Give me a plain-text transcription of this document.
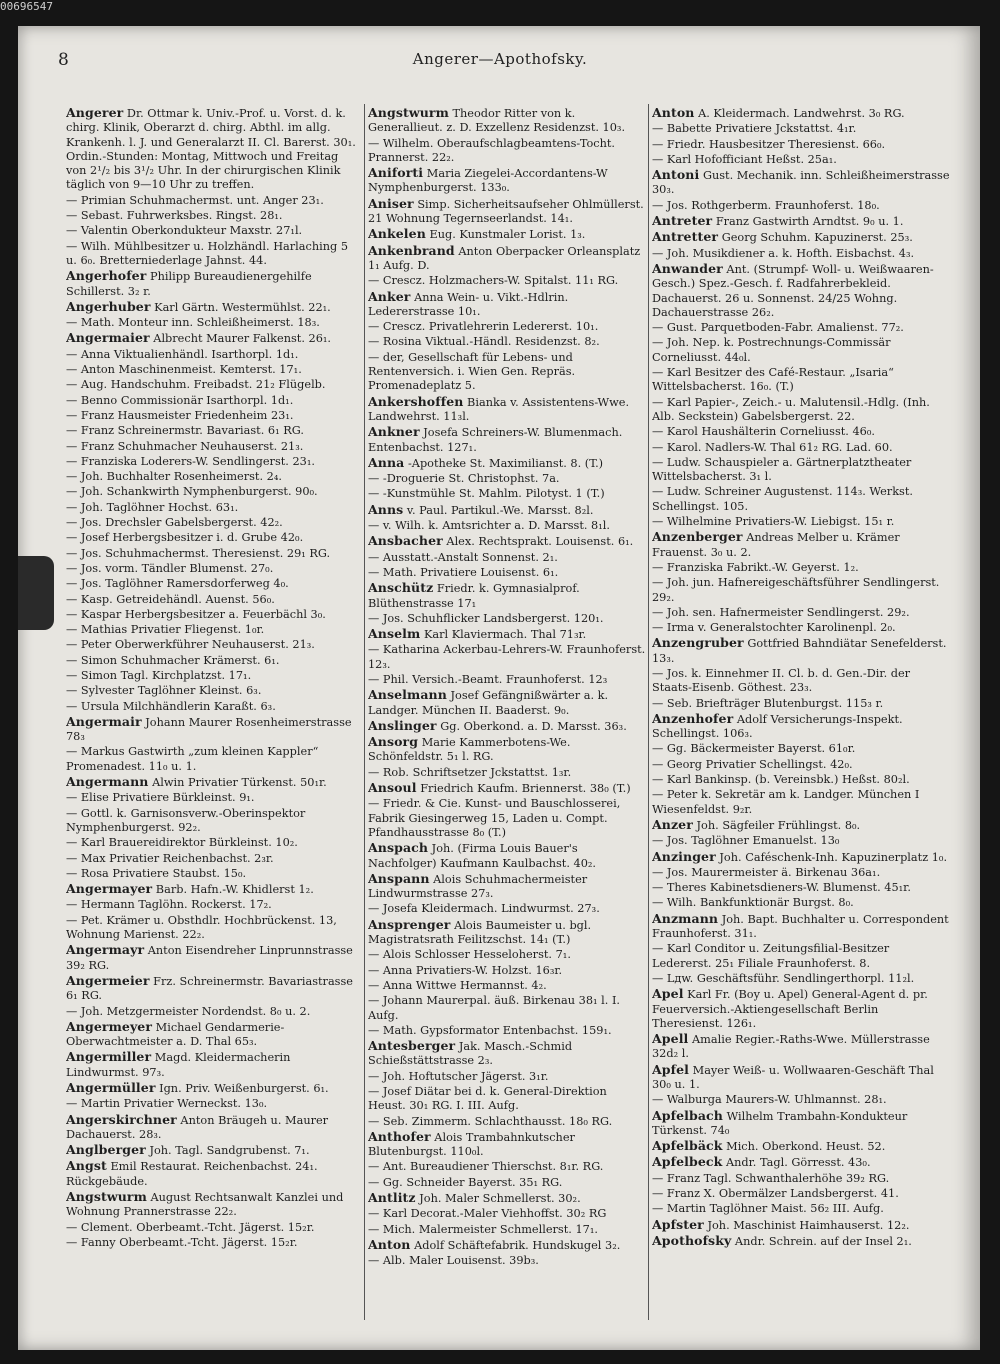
00696547
8	Angerer—Apothofsky.
Angerer Dr. Ottmar k. Univ.-Prof. u. Vorst. d. k. chirg. Klinik, Oberarzt d. chirg. Abthl. im allg. Krankenh. l. J. und Generalarzt II. Cl. Barerst. 30₁. Ordin.-Stunden: Montag, Mittwoch und Freitag von 2¹/₂ bis 3¹/₂ Uhr. In der chirurgischen Klinik täglich von 9—10 Uhr zu treffen.
— Primian Schuhmachermst. unt. Anger 23₁.
— Sebast. Fuhrwerksbes. Ringst. 28₁.
— Valentin Oberkondukteur Maxstr. 27₁l.
— Wilh. Mühlbesitzer u. Holzhändl. Harlaching 5 u. 6₀. Bretterniederlage Jahnst. 44.
Angerhofer Philipp Bureaudienergehilfe Schillerst. 3₂ r.
Angerhuber Karl Gärtn. Westermühlst. 22₁.
— Math. Monteur inn. Schleißheimerst. 18₃.
Angermaier Albrecht Maurer Falkenst. 26₁.
— Anna Viktualienhändl. Isarthorpl. 1d₁.
— Anton Maschinenmeist. Kemterst. 17₁.
— Aug. Handschuhm. Freibadst. 21₂ Flügelb.
— Benno Commissionär Isarthorpl. 1d₁.
— Franz Hausmeister Friedenheim 23₁.
— Franz Schreinermstr. Bavariast. 6₁ RG.
— Franz Schuhmacher Neuhauserst. 21₃.
— Franziska Loderers-W. Sendlingerst. 23₁.
— Joh. Buchhalter Rosenheimerst. 2₄.
— Joh. Schankwirth Nymphenburgerst. 90₀.
— Joh. Taglöhner Hochst. 63₁.
— Jos. Drechsler Gabelsbergerst. 42₂.
— Josef Herbergsbesitzer i. d. Grube 42₀.
— Jos. Schuhmachermst. Theresienst. 29₁ RG.
— Jos. vorm. Tändler Blumenst. 27₀.
— Jos. Taglöhner Ramersdorferweg 4₀.
— Kasp. Getreidehändl. Auenst. 56₀.
— Kaspar Herbergsbesitzer a. Feuerbächl 3₀.
— Mathias Privatier Fliegenst. 1₀r.
— Peter Oberwerkführer Neuhauserst. 21₃.
— Simon Schuhmacher Krämerst. 6₁.
— Simon Tagl. Kirchplatzst. 17₁.
— Sylvester Taglöhner Kleinst. 6₃.
— Ursula Milchhändlerin Karaßt. 6₃.
Angermair Johann Maurer Rosenheimerstrasse 78₃
— Markus Gastwirth „zum kleinen Kappler“ Promenadest. 11₀ u. 1.
Angermann Alwin Privatier Türkenst. 50₁r.
— Elise Privatiere Bürkleinst. 9₁.
— Gottl. k. Garnisonsverw.-Oberinspektor Nymphenburgerst. 92₂.
— Karl Brauereidirektor Bürkleinst. 10₂.
— Max Privatier Reichenbachst. 2₃r.
— Rosa Privatiere Staubst. 15₀.
Angermayer Barb. Hafn.-W. Khidlerst 1₂.
— Hermann Taglöhn. Rockerst. 17₂.
— Pet. Krämer u. Obsthdlr. Hochbrückenst. 13, Wohnung Marienst. 22₂.
Angermayr Anton Eisendreher Linprunnstrasse 39₂ RG.
Angermeier Frz. Schreinermstr. Bavariastrasse 6₁ RG.
— Joh. Metzgermeister Nordendst. 8₀ u. 2.
Angermeyer Michael Gendarmerie-Oberwachtmeister a. D. Thal 65₃.
Angermiller Magd. Kleidermacherin Lindwurmst. 97₃.
Angermüller Ign. Priv. Weißenburgerst. 6₁.
— Martin Privatier Werneckst. 13₀.
Angerskirchner Anton Bräugeh u. Maurer Dachauerst. 28₃.
Anglberger Joh. Tagl. Sandgrubenst. 7₁.
Angst Emil Restaurat. Reichenbachst. 24₁. Rückgebäude.
Angstwurm August Rechtsanwalt Kanzlei und Wohnung Prannerstrasse 22₂.
— Clement. Oberbeamt.-Tcht. Jägerst. 15₂r.
— Fanny Oberbeamt.-Tcht. Jägerst. 15₂r.
Angstwurm Theodor Ritter von k. Generallieut. z. D. Exzellenz Residenzst. 10₃.
— Wilhelm. Oberaufschlagbeamtens-Tocht. Prannerst. 22₂.
Aniforti Maria Ziegelei-Accordantens-W Nymphenburgerst. 133₀.
Aniser Simp. Sicherheitsaufseher Ohlmüllerst. 21 Wohnung Tegernseerlandst. 14₁.
Ankelen Eug. Kunstmaler Lorist. 1₃.
Ankenbrand Anton Oberpacker Orleansplatz 1₁ Aufg. D.
— Crescz. Holzmachers-W. Spitalst. 11₁ RG.
Anker Anna Wein- u. Vikt.-Hdlrin. Ledererstrasse 10₁.
— Crescz. Privatlehrerin Ledererst. 10₁.
— Rosina Viktual.-Händl. Residenzst. 8₂.
— der, Gesellschaft für Lebens- und Rentenversich. i. Wien Gen. Repräs. Promenadeplatz 5.
Ankershoffen Bianka v. Assistentens-Wwe. Landwehrst. 11₃l.
Ankner Josefa Schreiners-W. Blumenmach. Entenbachst. 127₁.
Anna -Apotheke St. Maximilianst. 8. (T.)
— -Droguerie St. Christophst. 7a.
— -Kunstmühle St. Mahlm. Pilotyst. 1 (T.)
Anns v. Paul. Partikul.-We. Marsst. 8₂l.
— v. Wilh. k. Amtsrichter a. D. Marsst. 8₁l.
Ansbacher Alex. Rechtsprakt. Louisenst. 6₁.
— Ausstatt.-Anstalt Sonnenst. 2₁.
— Math. Privatiere Louisenst. 6₁.
Anschütz Friedr. k. Gymnasialprof. Blüthenstrasse 17₁
— Jos. Schuhflicker Landsbergerst. 120₁.
Anselm Karl Klaviermach. Thal 71₃r.
— Katharina Ackerbau-Lehrers-W. Fraunhoferst. 12₃.
— Phil. Versich.-Beamt. Fraunhoferst. 12₃
Anselmann Josef Gefängnißwärter a. k. Landger. München II. Baaderst. 9₀.
Anslinger Gg. Oberkond. a. D. Marsst. 36₃.
Ansorg Marie Kammerbotens-We. Schönfeldstr. 5₁ l. RG.
— Rob. Schriftsetzer Jckstattst. 1₃r.
Ansoul Friedrich Kaufm. Briennerst. 38₀ (T.)
— Friedr. & Cie. Kunst- und Bauschlosserei, Fabrik Giesingerweg 15, Laden u. Compt. Pfandhausstrasse 8₀ (T.)
Anspach Joh. (Firma Louis Bauer's Nachfolger) Kaufmann Kaulbachst. 40₂.
Anspann Alois Schuhmachermeister Lindwurmstrasse 27₃.
— Josefa Kleidermach. Lindwurmst. 27₃.
Ansprenger Alois Baumeister u. bgl. Magistratsrath Feilitzschst. 14₁ (T.)
— Alois Schlosser Hesseloherst. 7₁.
— Anna Privatiers-W. Holzst. 16₃r.
— Anna Wittwe Hermannst. 4₂.
— Johann Maurerpal. äuß. Birkenau 38₁ l. I. Aufg.
— Math. Gypsformator Entenbachst. 159₁.
Antesberger Jak. Masch.-Schmid Schießstättstrasse 2₃.
— Joh. Hoftutscher Jägerst. 3₁r.
— Josef Diätar bei d. k. General-Direktion Heust. 30₁ RG. I. III. Aufg.
— Seb. Zimmerm. Schlachthausst. 18₀ RG.
Anthofer Alois Trambahnkutscher Blutenburgst. 110₀l.
— Ant. Bureaudiener Thierschst. 8₁r. RG.
— Gg. Schneider Bayerst. 35₁ RG.
Antlitz Joh. Maler Schmellerst. 30₂.
— Karl Decorat.-Maler Viehhoffst. 30₂ RG
— Mich. Malermeister Schmellerst. 17₁.
Anton Adolf Schäftefabrik. Hundskugel 3₂.
— Alb. Maler Louisenst. 39b₃.
Anton A. Kleidermach. Landwehrst. 3₀ RG.
— Babette Privatiere Jckstattst. 4₁r.
— Friedr. Hausbesitzer Theresienst. 66₀.
— Karl Hofofficiant Heßst. 25a₁.
Antoni Gust. Mechanik. inn. Schleißheimerstrasse 30₃.
— Jos. Rothgerberm. Fraunhoferst. 18₀.
Antreter Franz Gastwirth Arndtst. 9₀ u. 1.
Antretter Georg Schuhm. Kapuzinerst. 25₃.
— Joh. Musikdiener a. k. Hofth. Eisbachst. 4₃.
Anwander Ant. (Strumpf- Woll- u. Weißwaaren-Gesch.) Spez.-Gesch. f. Radfahrerbekleid. Dachauerst. 26 u. Sonnenst. 24/25 Wohng. Dachauerstrasse 26₂.
— Gust. Parquetboden-Fabr. Amalienst. 77₂.
— Joh. Nep. k. Postrechnungs-Commissär Corneliusst. 44₀l.
— Karl Besitzer des Café-Restaur. „Isaria“ Wittelsbacherst. 16₀. (T.)
— Karl Papier-, Zeich.- u. Malutensil.-Hdlg. (Inh. Alb. Seckstein) Gabelsbergerst. 22.
— Karol Haushälterin Corneliusst. 46₀.
— Karol. Nadlers-W. Thal 61₂ RG. Lad. 60.
— Ludw. Schauspieler a. Gärtnerplatztheater Wittelsbacherst. 3₁ l.
— Ludw. Schreiner Augustenst. 114₃. Werkst. Schellingst. 105.
— Wilhelmine Privatiers-W. Liebigst. 15₁ r.
Anzenberger Andreas Melber u. Krämer Frauenst. 3₀ u. 2.
— Franziska Fabrikt.-W. Geyerst. 1₂.
— Joh. jun. Hafnereigeschäftsführer Sendlingerst. 29₂.
— Joh. sen. Hafnermeister Sendlingerst. 29₂.
— Irma v. Generalstochter Karolinenpl. 2₀.
Anzengruber Gottfried Bahndiätar Senefelderst. 13₃.
— Jos. k. Einnehmer II. Cl. b. d. Gen.-Dir. der Staats-Eisenb. Göthest. 23₃.
— Seb. Briefträger Blutenburgst. 115₃ r.
Anzenhofer Adolf Versicherungs-Inspekt. Schellingst. 106₃.
— Gg. Bäckermeister Bayerst. 61₀r.
— Georg Privatier Schellingst. 42₀.
— Karl Bankinsp. (b. Vereinsbk.) Heßst. 80₂l.
— Peter k. Sekretär am k. Landger. München I Wiesenfeldst. 9₂r.
Anzer Joh. Sägfeiler Frühlingst. 8₀.
— Jos. Taglöhner Emanuelst. 13₀
Anzinger Joh. Caféschenk-Inh. Kapuzinerplatz 1₀.
— Jos. Maurermeister ä. Birkenau 36a₁.
— Theres Kabinetsdieners-W. Blumenst. 45₁r.
— Wilh. Bankfunktionär Burgst. 8₀.
Anzmann Joh. Bapt. Buchhalter u. Correspondent Fraunhoferst. 31₁.
— Karl Conditor u. Zeitungsfilial-Besitzer Ledererst. 25₁ Filiale Fraunhoferst. 8.
— Lдw. Geschäftsführ. Sendlingerthorpl. 11₂l.
Apel Karl Fr. (Boy u. Apel) General-Agent d. pr. Feuerversich.-Aktiengesellschaft Berlin Theresienst. 126₁.
Apell Amalie Regier.-Raths-Wwe. Müllerstrasse 32d₂ l.
Apfel Mayer Weiß- u. Wollwaaren-Geschäft Thal 30₀ u. 1.
— Walburga Maurers-W. Uhlmannst. 28₁.
Apfelbach Wilhelm Trambahn-Kondukteur Türkenst. 74₀
Apfelbäck Mich. Oberkond. Heust. 52.
Apfelbeck Andr. Tagl. Görresst. 43₀.
— Franz Tagl. Schwanthalerhöhe 39₂ RG.
— Franz X. Obermälzer Landsbergerst. 41.
— Martin Taglöhner Maist. 56₂ III. Aufg.
Apfster Joh. Maschinist Haimhauserst. 12₂.
Apothofsky Andr. Schrein. auf der Insel 2₁.
